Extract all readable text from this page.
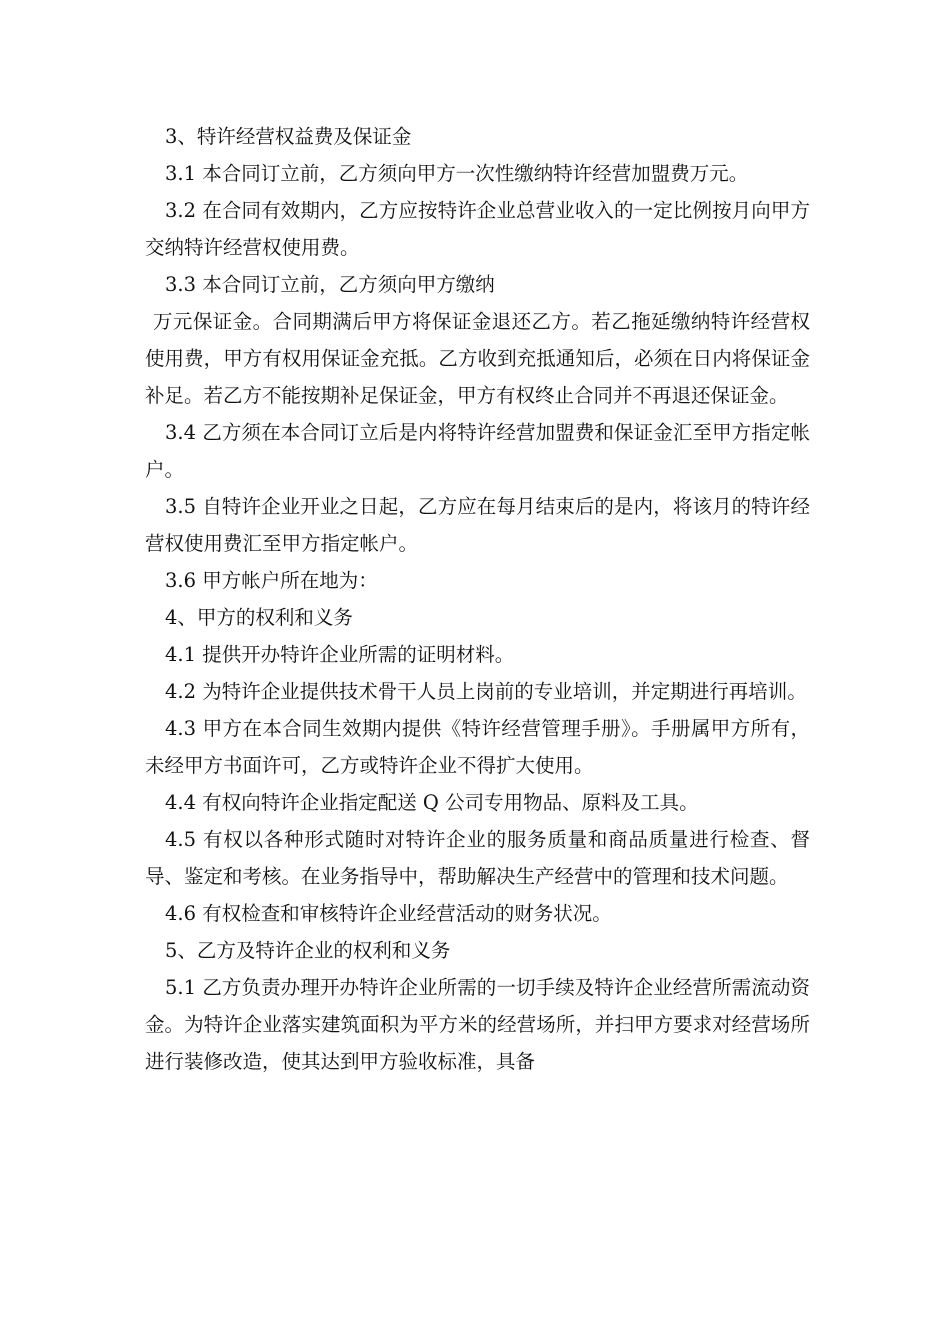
3、特许经营权益费及保证金

3.1 本合同订立前，乙方须向甲方一次性缴纳特许经营加盟费万元。

3.2 在合同有效期内，乙方应按特许企业总营业收入的一定比例按月向甲方交纳特许经营权使用费。

3.3 本合同订立前，乙方须向甲方缴纳

万元保证金。合同期满后甲方将保证金退还乙方。若乙拖延缴纳特许经营权使用费，甲方有权用保证金充抵。乙方收到充抵通知后，必须在日内将保证金补足。若乙方不能按期补足保证金，甲方有权终止合同并不再退还保证金。

3.4 乙方须在本合同订立后是内将特许经营加盟费和保证金汇至甲方指定帐户。

3.5 自特许企业开业之日起，乙方应在每月结束后的是内，将该月的特许经营权使用费汇至甲方指定帐户。

3.6 甲方帐户所在地为：

4、甲方的权利和义务

4.1 提供开办特许企业所需的证明材料。

4.2 为特许企业提供技术骨干人员上岗前的专业培训，并定期进行再培训。

4.3 甲方在本合同生效期内提供《特许经营管理手册》。手册属甲方所有，未经甲方书面许可，乙方或特许企业不得扩大使用。

4.4 有权向特许企业指定配送 Q 公司专用物品、原料及工具。

4.5 有权以各种形式随时对特许企业的服务质量和商品质量进行检查、督导、鉴定和考核。在业务指导中，帮助解决生产经营中的管理和技术问题。

4.6 有权检查和审核特许企业经营活动的财务状况。

5、乙方及特许企业的权利和义务

5.1 乙方负责办理开办特许企业所需的一切手续及特许企业经营所需流动资金。为特许企业落实建筑面积为平方米的经营场所，并扫甲方要求对经营场所进行装修改造，使其达到甲方验收标准，具备
